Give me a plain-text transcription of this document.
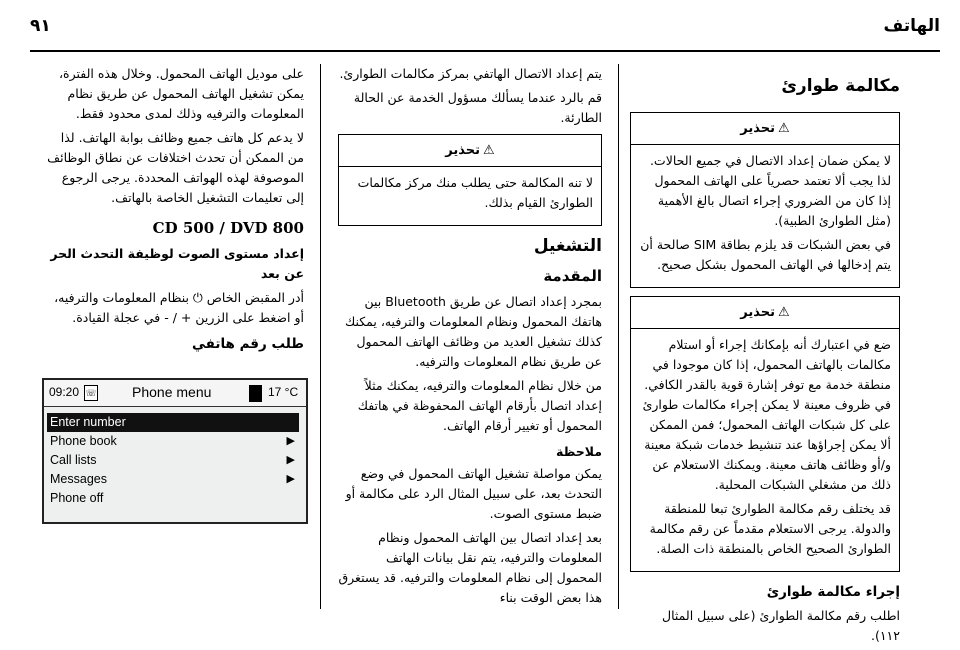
الهاتف
٩١
مكالمة طوارئ
⚠تحذير

لا يمكن ضمان إعداد الاتصال في جميع الحالات. لذا يجب ألا تعتمد حصرياً على الهاتف المحمول إذا كان من الضروري إجراء اتصال بالغ الأهمية (مثل الطوارئ الطبية).

في بعض الشبكات قد يلزم بطاقة SIM صالحة أن يتم إدخالها في الهاتف المحمول بشكل صحيح.

⚠تحذير

ضع في اعتبارك أنه بإمكانك إجراء أو استلام مكالمات بالهاتف المحمول، إذا كان موجودا في منطقة خدمة مع توفر إشارة قوية بالقدر الكافي. في ظروف معينة لا يمكن إجراء مكالمات طوارئ على كل شبكات الهاتف المحمول؛ فمن الممكن ألا يمكن إجراؤها عند تنشيط خدمات شبكة معينة و/أو وظائف هاتف معينة. ويمكنك الاستعلام عن ذلك من مشغلي الشبكات المحلية.

قد يختلف رقم مكالمة الطوارئ تبعا للمنطقة والدولة. يرجى الاستعلام مقدماً عن رقم مكالمة الطوارئ الصحيح الخاص بالمنطقة ذات الصلة.

إجراء مكالمة طوارئ

اطلب رقم مكالمة الطوارئ (على سبيل المثال ١١٢).

يتم إعداد الاتصال الهاتفي بمركز مكالمات الطوارئ.

قم بالرد عندما يسألك مسؤول الخدمة عن الحالة الطارئة.

⚠تحذير

لا تنه المكالمة حتى يطلب منك مركز مكالمات الطوارئ القيام بذلك.

التشغيل
المقدمة

بمجرد إعداد اتصال عن طريق Bluetooth بين هاتفك المحمول ونظام المعلومات والترفيه، يمكنك كذلك تشغيل العديد من وظائف الهاتف المحمول عن طريق نظام المعلومات والترفيه.

من خلال نظام المعلومات والترفيه، يمكنك مثلاً إعداد اتصال بأرقام الهاتف المحفوظة في هاتفك المحمول أو تغيير أرقام الهاتف.

ملاحظة

يمكن مواصلة تشغيل الهاتف المحمول في وضع التحدث بعد، على سبيل المثال الرد على مكالمة أو ضبط مستوى الصوت.

بعد إعداد اتصال بين الهاتف المحمول ونظام المعلومات والترفيه، يتم نقل بيانات الهاتف المحمول إلى نظام المعلومات والترفيه. قد يستغرق هذا بعض الوقت بناء

على موديل الهاتف المحمول. وخلال هذه الفترة، يمكن تشغيل الهاتف المحمول عن طريق نظام المعلومات والترفيه وذلك لمدى محدود فقط.

لا يدعم كل هاتف جميع وظائف بوابة الهاتف. لذا من الممكن أن تحدث اختلافات عن نطاق الوظائف الموصوفة لهذه الهواتف المحددة. يرجى الرجوع إلى تعليمات التشغيل الخاصة بالهاتف.

CD 500 / DVD 800

إعداد مستوى الصوت لوظيفة التحدث الحر عن بعد

أدر المقبض الخاص ⏻ بنظام المعلومات والترفيه، أو اضغط على الزرين + / - في عجلة القيادة.

طلب رقم هاتفي
09:20 ☏	Phone menu	17 °C
Enter number
Phone book	▶
Call lists	▶
Messages	▶
Phone off
